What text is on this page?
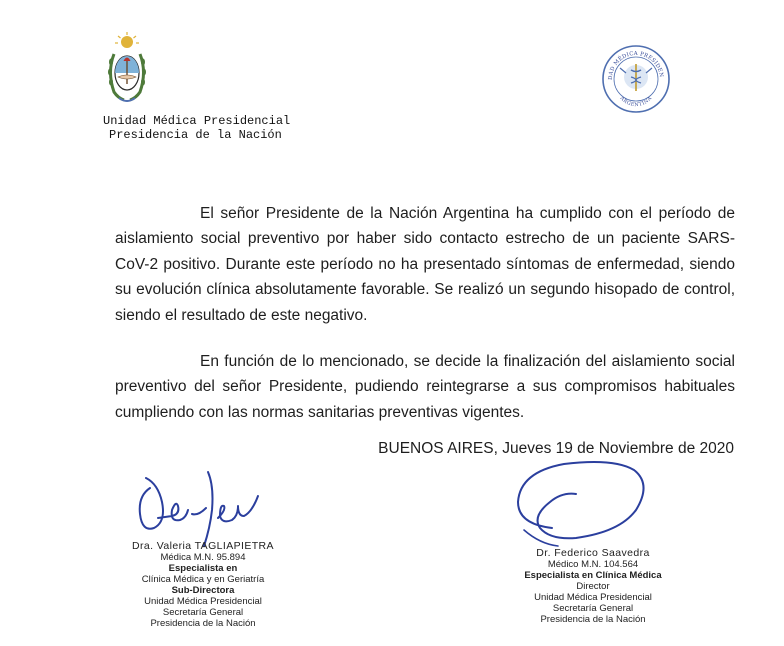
Unidad Médica Presidencial
Presidencia de la Nación
UNIDAD MÉDICA PRESIDENCIAL
ARGENTINA
El señor Presidente de la Nación Argentina ha cumplido con el período de aislamiento social preventivo por haber sido contacto estrecho de un paciente SARS-CoV-2 positivo. Durante este período no ha presentado síntomas de enfermedad, siendo su evolución clínica absolutamente favorable. Se realizó un segundo hisopado de control, siendo el resultado de este negativo.
En función de lo mencionado, se decide la finalización del aislamiento social preventivo del señor Presidente, pudiendo reintegrarse a sus compromisos habituales cumpliendo con las normas sanitarias preventivas vigentes.
BUENOS AIRES, Jueves 19 de Noviembre de 2020
Dra. Valeria TAGLIAPIETRA
Médica M.N. 95.894
Especialista en
Clínica Médica y en Geriatría
Sub-Directora
Unidad Médica Presidencial
Secretaría General
Presidencia de la Nación
Dr. Federico Saavedra
Médico M.N. 104.564
Especialista en Clínica Médica
Director
Unidad Médica Presidencial
Secretaría General
Presidencia de la Nación
